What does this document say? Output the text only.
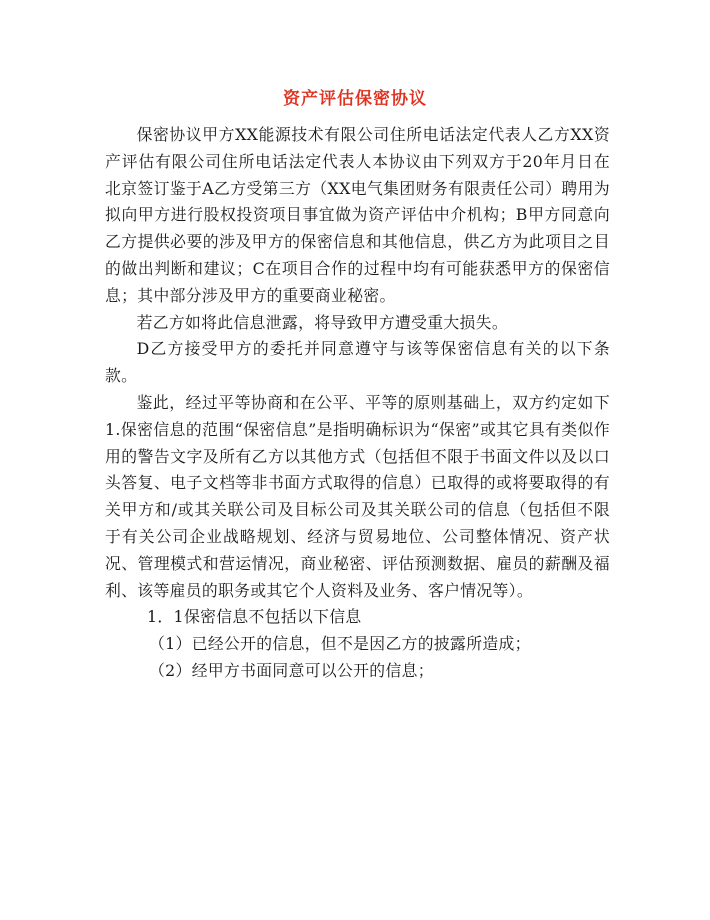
资产评估保密协议

保密协议甲方XX能源技术有限公司住所电话法定代表人乙方XX资产评估有限公司住所电话法定代表人本协议由下列双方于20年月日在北京签订鉴于A乙方受第三方（XX电气集团财务有限责任公司）聘用为拟向甲方进行股权投资项目事宜做为资产评估中介机构；B甲方同意向乙方提供必要的涉及甲方的保密信息和其他信息，供乙方为此项目之目的做出判断和建议；C在项目合作的过程中均有可能获悉甲方的保密信息；其中部分涉及甲方的重要商业秘密。

若乙方如将此信息泄露，将导致甲方遭受重大损失。

D乙方接受甲方的委托并同意遵守与该等保密信息有关的以下条款。

鉴此，经过平等协商和在公平、平等的原则基础上，双方约定如下1.保密信息的范围“保密信息”是指明确标识为“保密”或其它具有类似作用的警告文字及所有乙方以其他方式（包括但不限于书面文件以及以口头答复、电子文档等非书面方式取得的信息）已取得的或将要取得的有关甲方和/或其关联公司及目标公司及其关联公司的信息（包括但不限于有关公司企业战略规划、经济与贸易地位、公司整体情况、资产状况、管理模式和营运情况，商业秘密、评估预测数据、雇员的薪酬及福利、该等雇员的职务或其它个人资料及业务、客户情况等）。

1．1保密信息不包括以下信息

（1）已经公开的信息，但不是因乙方的披露所造成；

（2）经甲方书面同意可以公开的信息；
